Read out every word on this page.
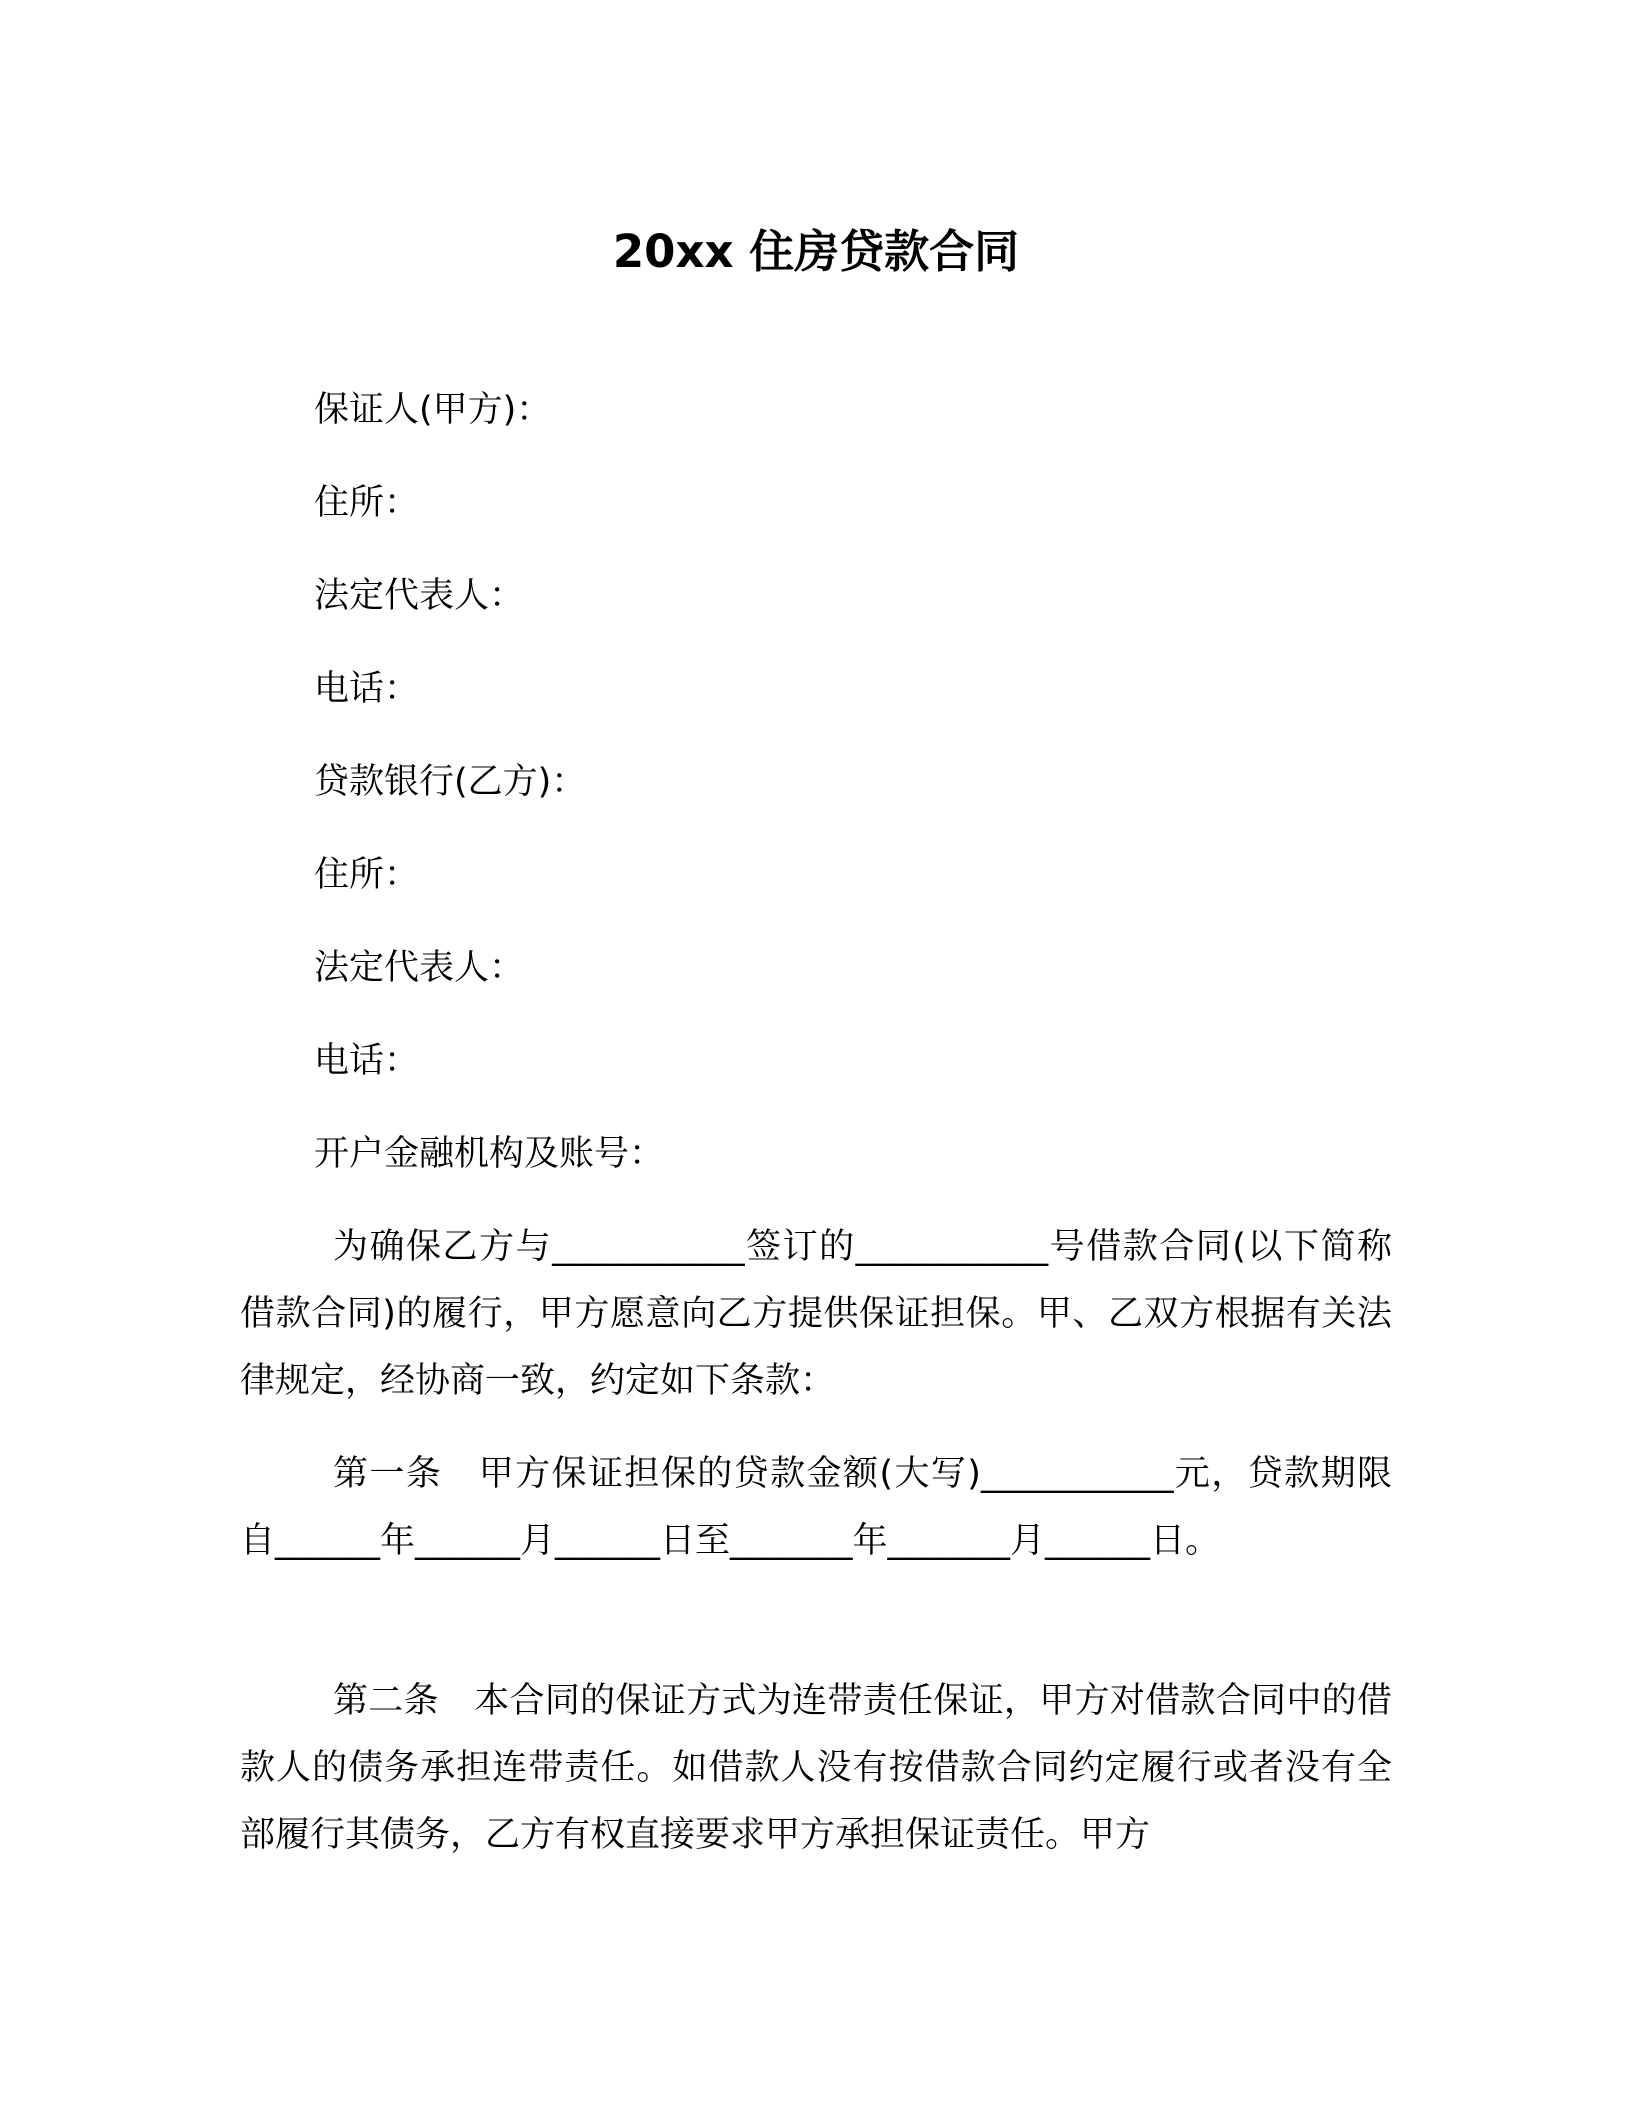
20xx 住房贷款合同
保证人(甲方)：
住所：
法定代表人：
电话：
贷款银行(乙方)：
住所：
法定代表人：
电话：
开户金融机构及账号：
为确保乙方与___________签订的___________号借款合同(以下简称借款合同)的履行，甲方愿意向乙方提供保证担保。甲、乙双方根据有关法律规定，经协商一致，约定如下条款：
第一条　甲方保证担保的贷款金额(大写)___________元，贷款期限自______年______月______日至_______年_______月______日。
第二条　本合同的保证方式为连带责任保证，甲方对借款合同中的借款人的债务承担连带责任。如借款人没有按借款合同约定履行或者没有全部履行其债务，乙方有权直接要求甲方承担保证责任。甲方
